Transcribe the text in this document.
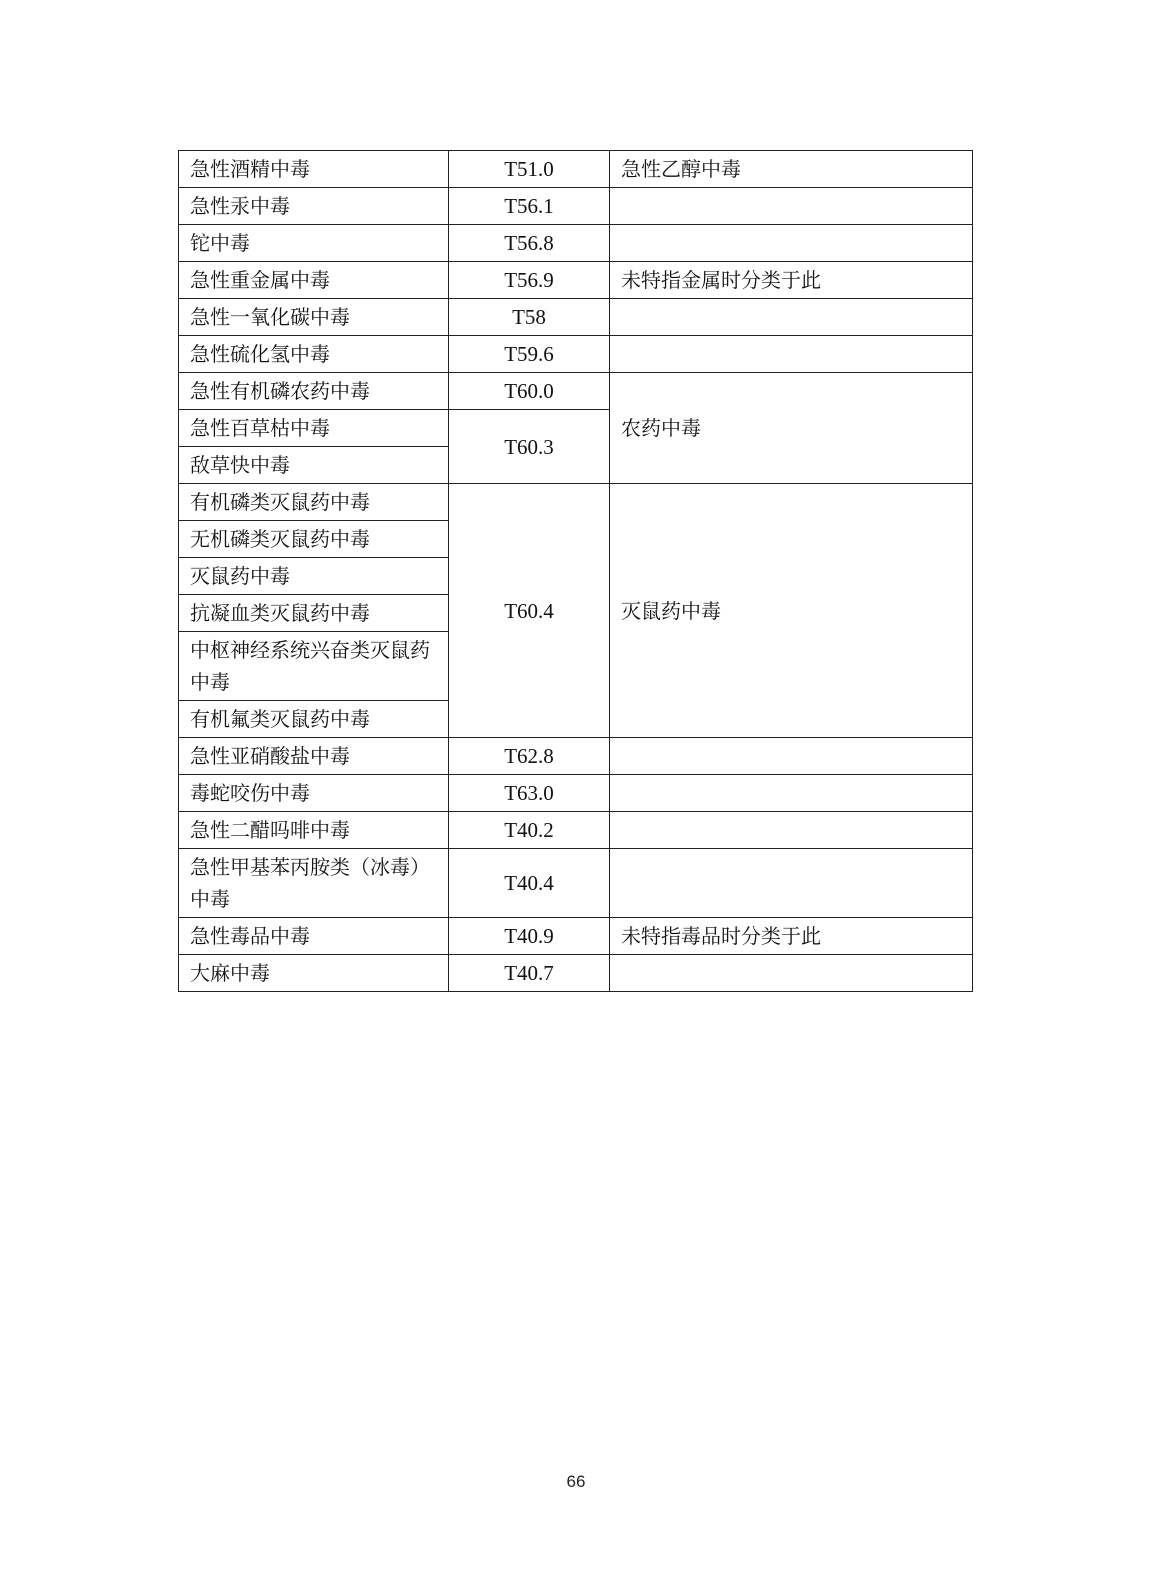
急性酒精中毒	T51.0	急性乙醇中毒
急性汞中毒	T56.1	
铊中毒	T56.8	
急性重金属中毒	T56.9	未特指金属时分类于此
急性一氧化碳中毒	T58	
急性硫化氢中毒	T59.6	
急性有机磷农药中毒	T60.0	农药中毒
急性百草枯中毒	T60.3	
敌草快中毒		
有机磷类灭鼠药中毒	T60.4	灭鼠药中毒
无机磷类灭鼠药中毒		
灭鼠药中毒		
抗凝血类灭鼠药中毒		
中枢神经系统兴奋类灭鼠药中毒		
有机氟类灭鼠药中毒		
急性亚硝酸盐中毒	T62.8	
毒蛇咬伤中毒	T63.0	
急性二醋吗啡中毒	T40.2	
急性甲基苯丙胺类（冰毒）中毒	T40.4	
急性毒品中毒	T40.9	未特指毒品时分类于此
大麻中毒	T40.7	
66
